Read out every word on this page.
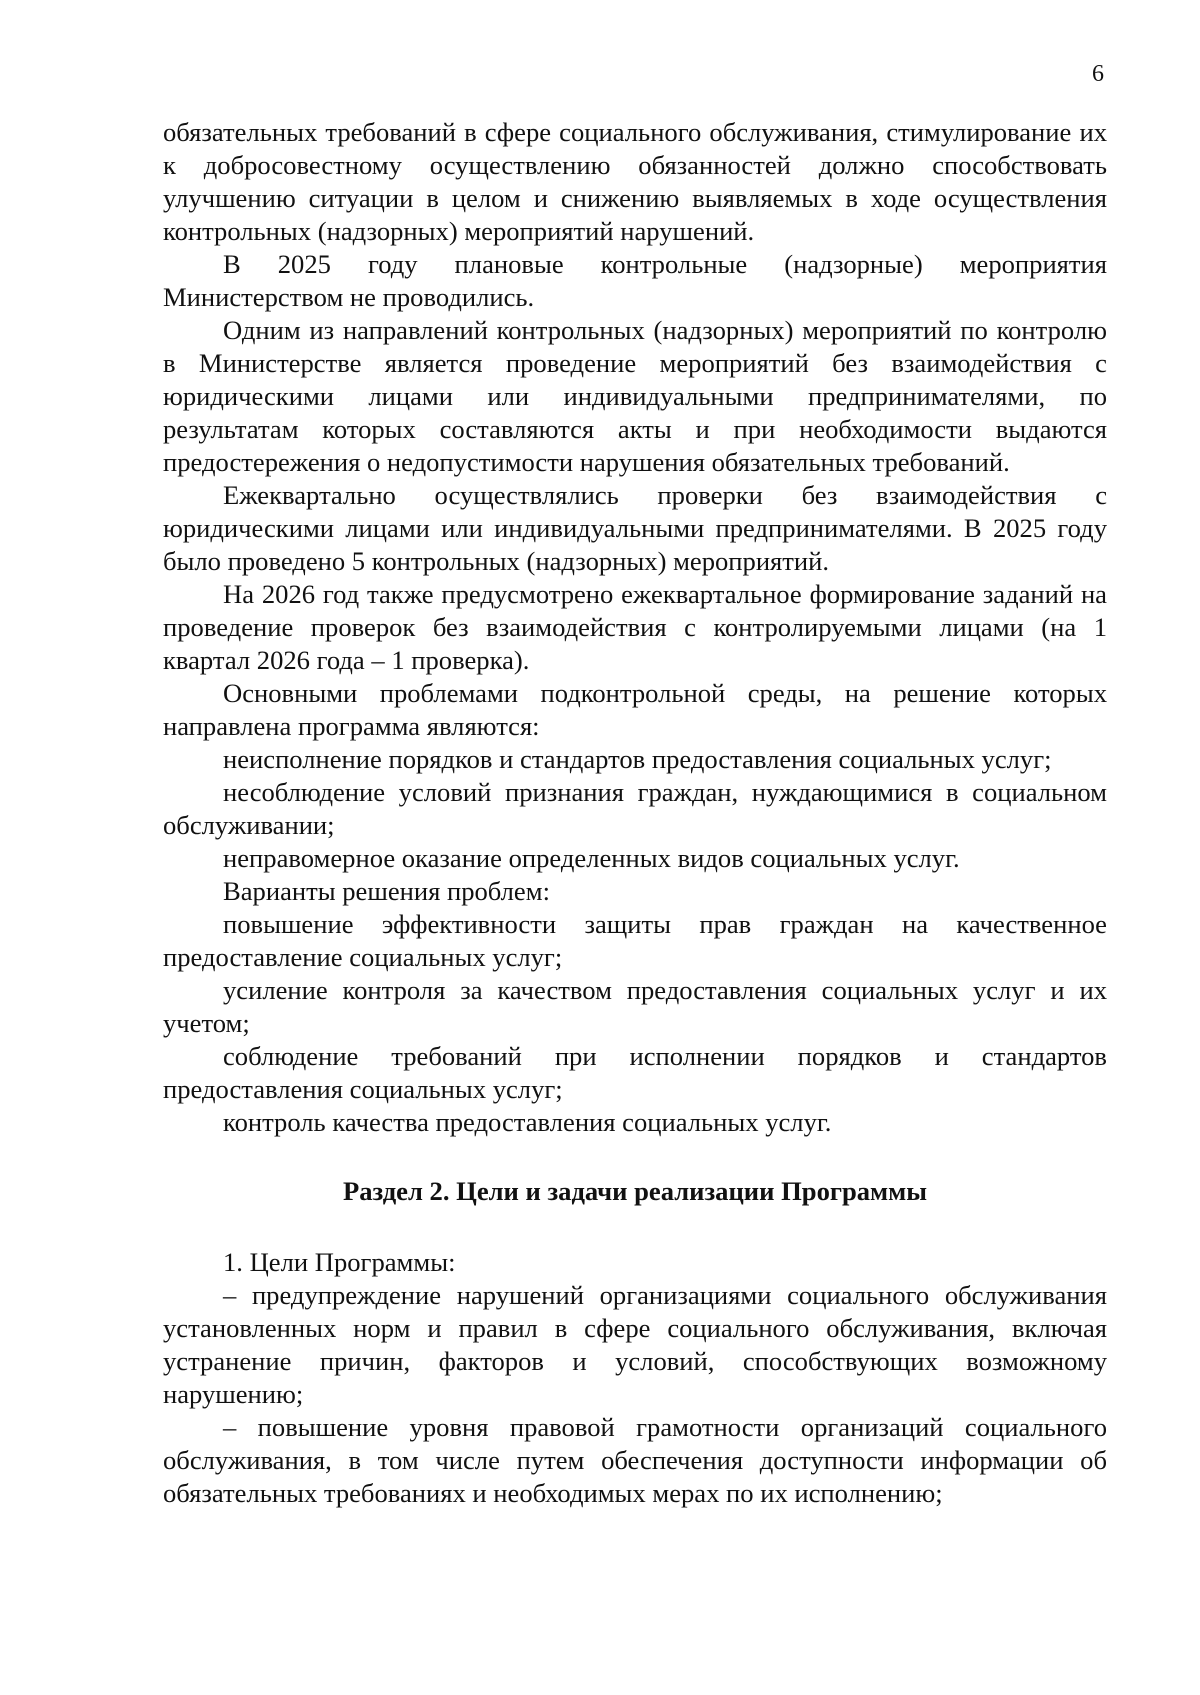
6

обязательных требований в сфере социального обслуживания, стимулирование их к добросовестному осуществлению обязанностей должно способствовать улучшению ситуации в целом и снижению выявляемых в ходе осуществления контрольных (надзорных) мероприятий нарушений.

В 2025 году плановые контрольные (надзорные) мероприятия Министерством не проводились.

Одним из направлений контрольных (надзорных) мероприятий по контролю в Министерстве является проведение мероприятий без взаимодействия с юридическими лицами или индивидуальными предпринимателями, по результатам которых составляются акты и при необходимости выдаются предостережения о недопустимости нарушения обязательных требований.

Ежеквартально осуществлялись проверки без взаимодействия с юридическими лицами или индивидуальными предпринимателями. В 2025 году было проведено 5 контрольных (надзорных) мероприятий.

На 2026 год также предусмотрено ежеквартальное формирование заданий на проведение проверок без взаимодействия с контролируемыми лицами (на 1 квартал 2026 года – 1 проверка).

Основными проблемами подконтрольной среды, на решение которых направлена программа являются:

неисполнение порядков и стандартов предоставления социальных услуг;

несоблюдение условий признания граждан, нуждающимися в социальном обслуживании;

неправомерное оказание определенных видов социальных услуг.

Варианты решения проблем:

повышение эффективности защиты прав граждан на качественное предоставление социальных услуг;

усиление контроля за качеством предоставления социальных услуг и их учетом;

соблюдение требований при исполнении порядков и стандартов предоставления социальных услуг;

контроль качества предоставления социальных услуг.

Раздел 2. Цели и задачи реализации Программы

1. Цели Программы:

– предупреждение нарушений организациями социального обслуживания установленных норм и правил в сфере социального обслуживания, включая устранение причин, факторов и условий, способствующих возможному нарушению;

– повышение уровня правовой грамотности организаций социального обслуживания, в том числе путем обеспечения доступности информации об обязательных требованиях и необходимых мерах по их исполнению;
